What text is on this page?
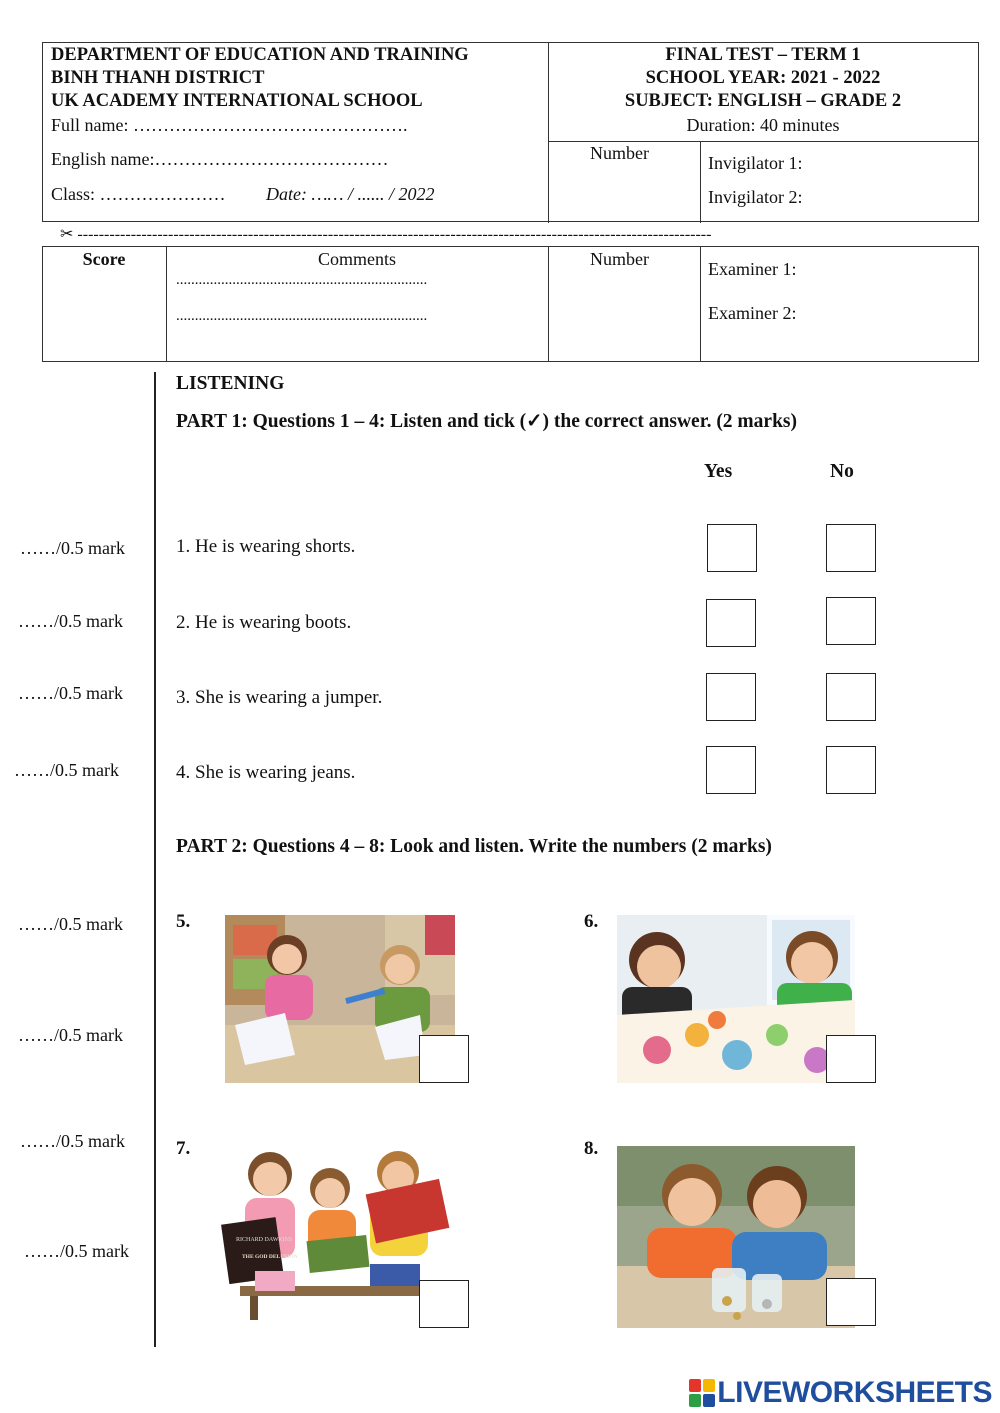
DEPARTMENT OF EDUCATION AND TRAINING
BINH THANH DISTRICT
UK ACADEMY INTERNATIONAL SCHOOL
Full name: ……………………………………….
English name:…………………………………
Class: ………………… Date: …… / ...... / 2022
FINAL TEST – TERM 1
SCHOOL YEAR: 2021 - 2022
SUBJECT: ENGLISH – GRADE 2
Duration: 40 minutes
Number	Invigilator 1:
Invigilator 2:
✂ -----------------------------------------------------------------------------------------------------------------------
Score	Comments
...................................................................
...................................................................
Number	Examiner 1:
Examiner 2:
LISTENING
PART 1: Questions 1 – 4: Listen and tick (✓) the correct answer. (2 marks)
Yes	No
……/0.5 mark	1. He is wearing shorts.
……/0.5 mark	2. He is wearing boots.
……/0.5 mark	3. She is wearing a jumper.
……/0.5 mark	4. She is wearing jeans.
PART 2: Questions 4 – 8: Look and listen. Write the numbers (2 marks)
……/0.5 mark
……/0.5 mark
……/0.5 mark
……/0.5 mark
5.	6.
7.
RICHARD DAWKINS
THE GOD DELUSION
8.
LIVEWORKSHEETS
